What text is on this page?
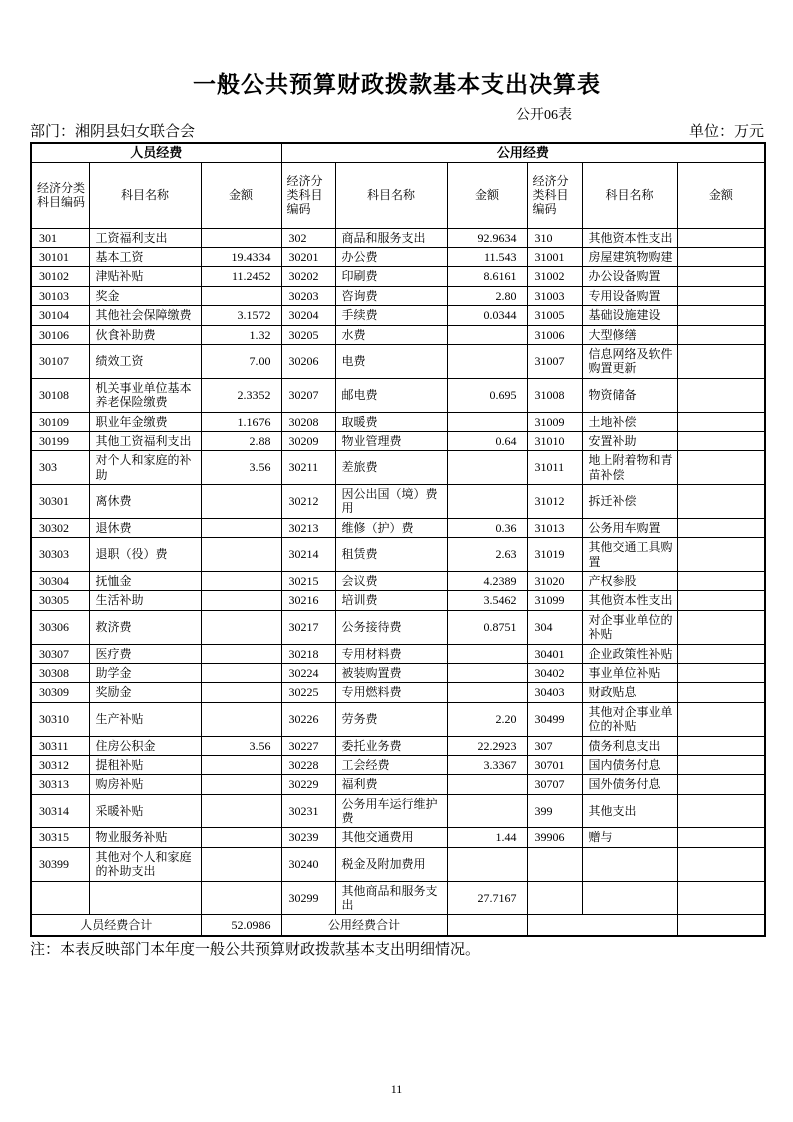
一般公共预算财政拨款基本支出决算表
公开06表
部门：湘阴县妇女联合会	单位：万元
人员经费			公用经费					
经济分类科目编码	科目名称	金额	经济分类科目编码	科目名称	金额	经济分类科目编码	科目名称	金额
301	工资福利支出		302	商品和服务支出	92.9634	310	其他资本性支出	
30101	基本工资	19.4334	30201	办公费	11.543	31001	房屋建筑物购建	
30102	津贴补贴	11.2452	30202	印刷费	8.6161	31002	办公设备购置	
30103	奖金		30203	咨询费	2.80	31003	专用设备购置	
30104	其他社会保障缴费	3.1572	30204	手续费	0.0344	31005	基础设施建设	
30106	伙食补助费	1.32	30205	水费		31006	大型修缮	
30107	绩效工资	7.00	30206	电费		31007	信息网络及软件购置更新	
30108	机关事业单位基本养老保险缴费	2.3352	30207	邮电费	0.695	31008	物资储备	
30109	职业年金缴费	1.1676	30208	取暖费		31009	土地补偿	
30199	其他工资福利支出	2.88	30209	物业管理费	0.64	31010	安置补助	
303	对个人和家庭的补助	3.56	30211	差旅费		31011	地上附着物和青苗补偿	
30301	离休费		30212	因公出国（境）费用		31012	拆迁补偿	
30302	退休费		30213	维修（护）费	0.36	31013	公务用车购置	
30303	退职（役）费		30214	租赁费	2.63	31019	其他交通工具购置	
30304	抚恤金		30215	会议费	4.2389	31020	产权参股	
30305	生活补助		30216	培训费	3.5462	31099	其他资本性支出	
30306	救济费		30217	公务接待费	0.8751	304	对企事业单位的补贴	
30307	医疗费		30218	专用材料费		30401	企业政策性补贴	
30308	助学金		30224	被装购置费		30402	事业单位补贴	
30309	奖励金		30225	专用燃料费		30403	财政贴息	
30310	生产补贴		30226	劳务费	2.20	30499	其他对企事业单位的补贴	
30311	住房公积金	3.56	30227	委托业务费	22.2923	307	债务利息支出	
30312	提租补贴		30228	工会经费	3.3367	30701	国内债务付息	
30313	购房补贴		30229	福利费		30707	国外债务付息	
30314	采暖补贴		30231	公务用车运行维护费		399	其他支出	
30315	物业服务补贴		30239	其他交通费用	1.44	39906	赠与	
30399	其他对个人和家庭的补助支出		30240	税金及附加费用				
			30299	其他商品和服务支出	27.7167			
人员经费合计		52.0986	公用经费合计					
注：本表反映部门本年度一般公共预算财政拨款基本支出明细情况。
11
